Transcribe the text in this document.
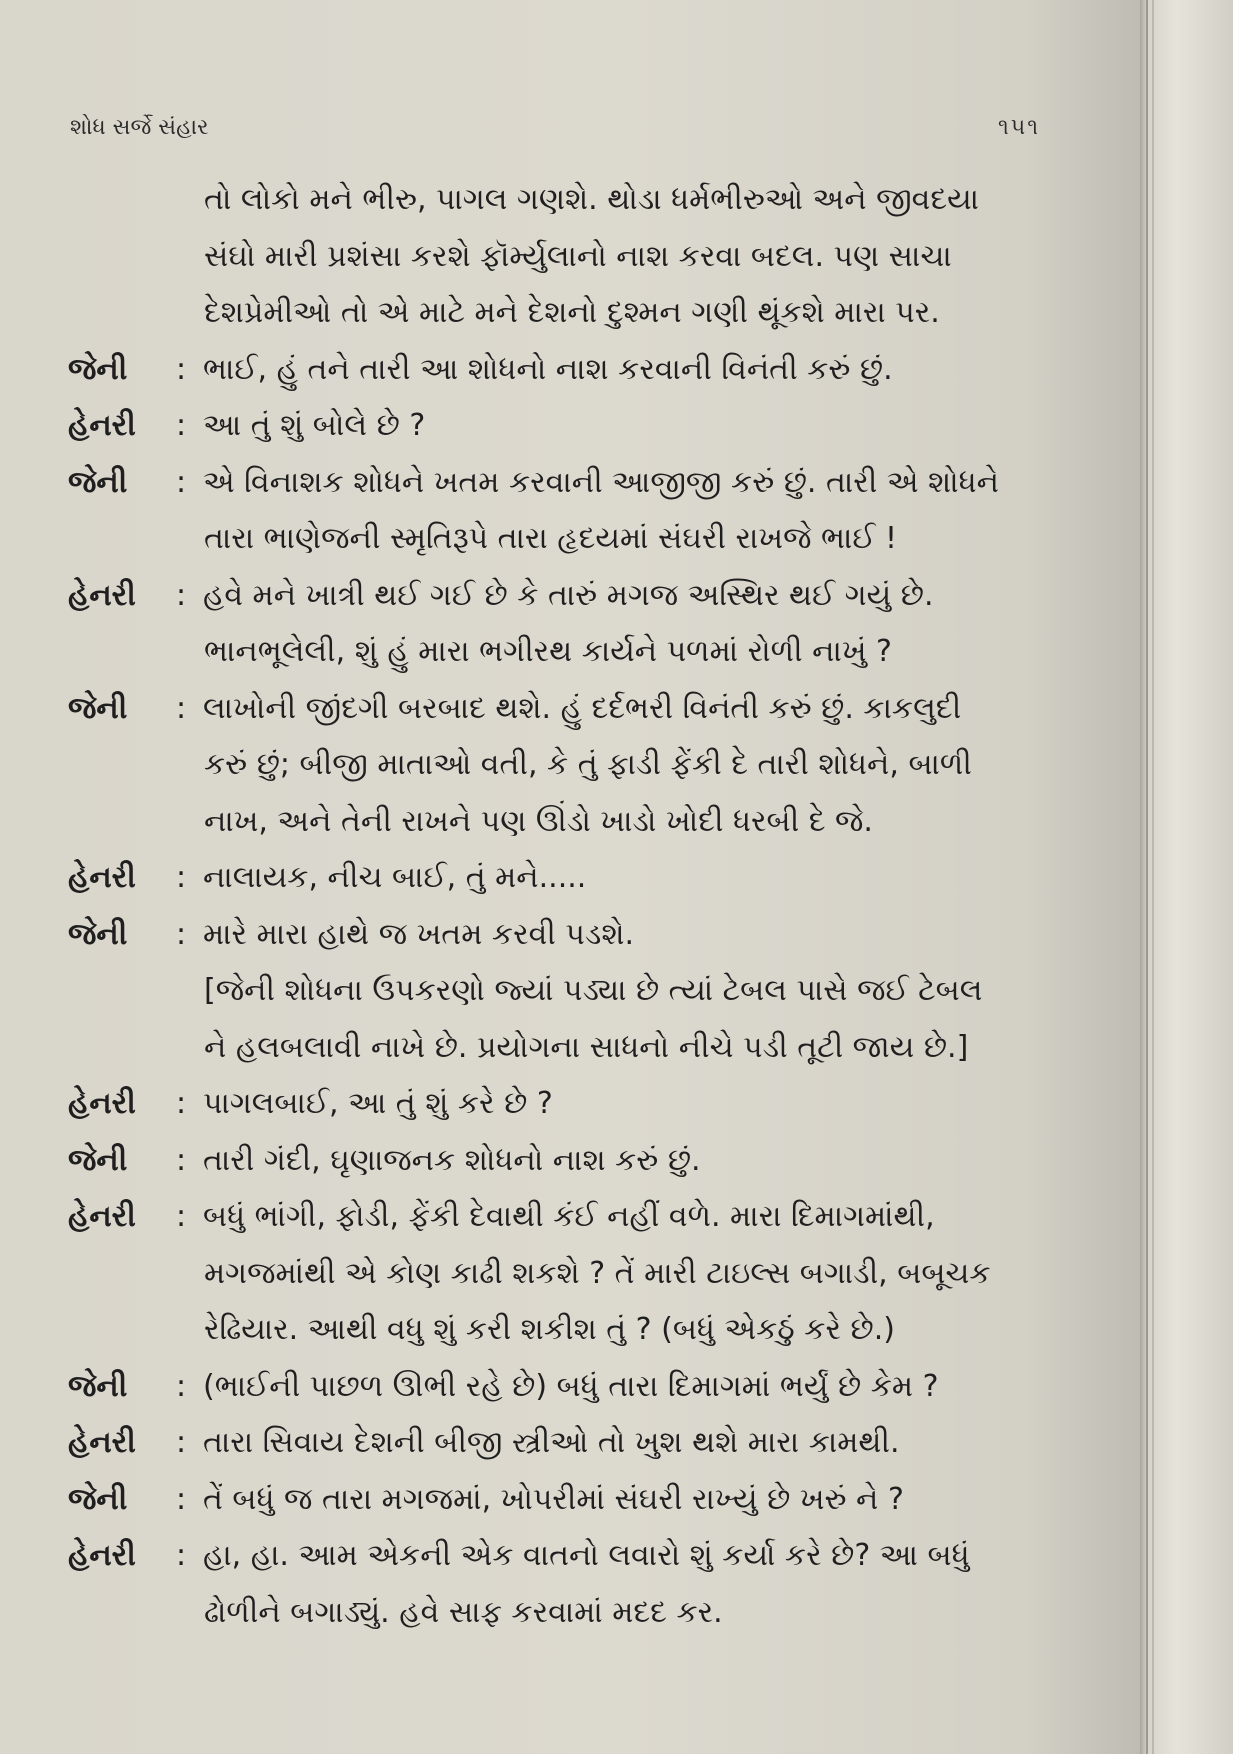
શોધ સર્જે સંહાર	૧૫૧
તો લોકો મને ભીરુ, પાગલ ગણશે. થોડા ધર્મભીરુઓ અને જીવદયા
સંઘો મારી પ્રશંસા કરશે ફૉર્મ્યુલાનો નાશ કરવા બદલ. પણ સાચા
દેશપ્રેમીઓ તો એ માટે મને દેશનો દુશ્મન ગણી થૂંકશે મારા પર.
જેની	: ભાઈ, હું તને તારી આ શોધનો નાશ કરવાની વિનંતી કરું છું.
હેનરી	: આ તું શું બોલે છે ?
જેની	: એ વિનાશક શોધને ખતમ કરવાની આજીજી કરું છું. તારી એ શોધને
તારા ભાણેજની સ્મૃતિરૂપે તારા હૃદયમાં સંઘરી રાખજે ભાઈ !
હેનરી	: હવે મને ખાત્રી થઈ ગઈ છે કે તારું મગજ અસ્થિર થઈ ગયું છે.
ભાનભૂલેલી, શું હું મારા ભગીરથ કાર્યને પળમાં રોળી નાખું ?
જેની	: લાખોની જીંદગી બરબાદ થશે. હું દર્દભરી વિનંતી કરું છું. કાકલુદી
કરું છું; બીજી માતાઓ વતી, કે તું ફાડી ફેંકી દે તારી શોધને, બાળી
નાખ, અને તેની રાખને પણ ઊંડો ખાડો ખોદી ધરબી દે જે.
હેનરી	: નાલાયક, નીચ બાઈ, તું મને.....
જેની	: મારે મારા હાથે જ ખતમ કરવી પડશે.
[જેની શોધના ઉપકરણો જ્યાં પડ્યા છે ત્યાં ટેબલ પાસે જઈ ટેબલ
ને હલબલાવી નાખે છે. પ્રયોગના સાધનો નીચે પડી તૂટી જાય છે.]
હેનરી	: પાગલબાઈ, આ તું શું કરે છે ?
જેની	: તારી ગંદી, ઘૃણાજનક શોધનો નાશ કરું છું.
હેનરી	: બધું ભાંગી, ફોડી, ફેંકી દેવાથી કંઈ નહીં વળે. મારા દિમાગમાંથી,
મગજમાંથી એ કોણ કાઢી શકશે ? તેં મારી ટાઇલ્સ બગાડી, બબૂચક
રેઢિયાર. આથી વધુ શું કરી શકીશ તું ? (બધું એકઠું કરે છે.)
જેની	: (ભાઈની પાછળ ઊભી રહે છે) બધું તારા દિમાગમાં ભર્યું છે કેમ ?
હેનરી	: તારા સિવાય દેશની બીજી સ્ત્રીઓ તો ખુશ થશે મારા કામથી.
જેની	: તેં બધું જ તારા મગજમાં, ખોપરીમાં સંઘરી રાખ્યું છે ખરું ને ?
હેનરી	: હા, હા. આમ એકની એક વાતનો લવારો શું કર્યા કરે છે? આ બધું
ઢોળીને બગાડ્યું. હવે સાફ કરવામાં મદદ કર.
